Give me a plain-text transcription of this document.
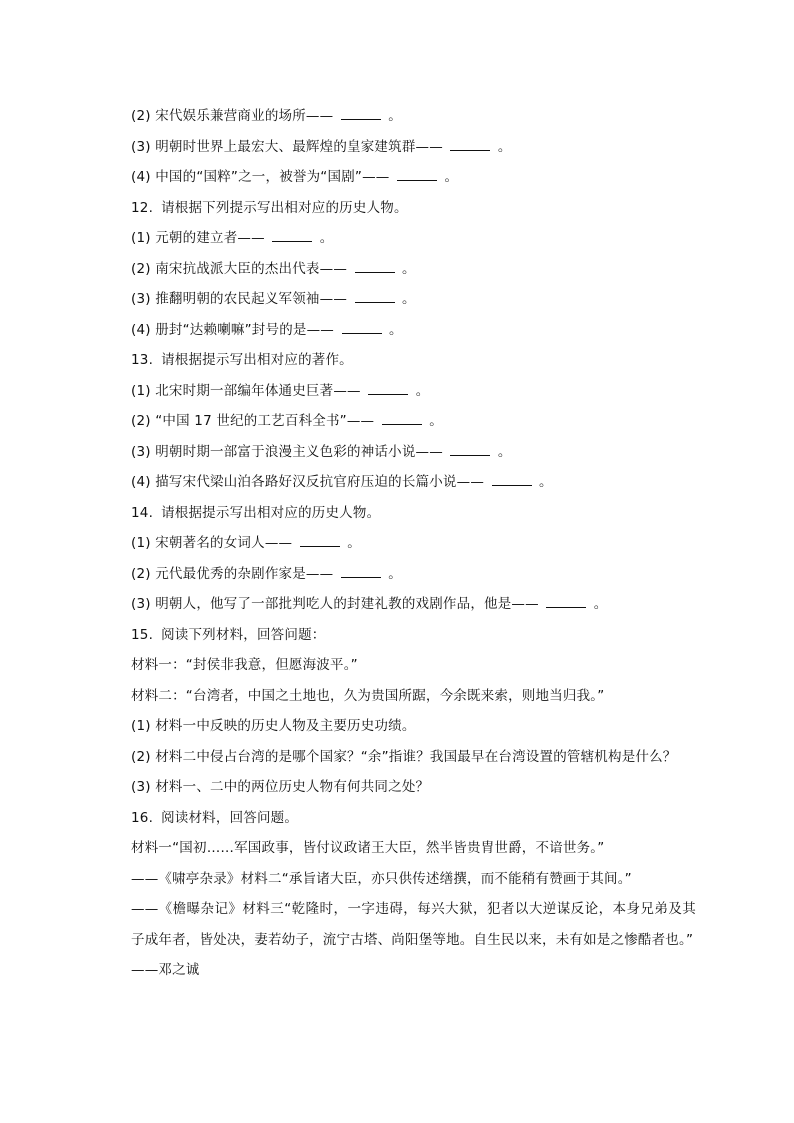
(2) 宋代娱乐兼营商业的场所——	。
(3) 明朝时世界上最宏大、最辉煌的皇家建筑群——	。
(4) 中国的“国粹”之一，被誉为“国剧”——	。
12. 请根据下列提示写出相对应的历史人物。
(1) 元朝的建立者——	。
(2) 南宋抗战派大臣的杰出代表——	。
(3) 推翻明朝的农民起义军领袖——	。
(4) 册封“达赖喇嘛”封号的是——	。
13. 请根据提示写出相对应的著作。
(1) 北宋时期一部编年体通史巨著——	。
(2) “中国 17 世纪的工艺百科全书”——	。
(3) 明朝时期一部富于浪漫主义色彩的神话小说——	。
(4) 描写宋代梁山泊各路好汉反抗官府压迫的长篇小说——	。
14. 请根据提示写出相对应的历史人物。
(1) 宋朝著名的女词人——	。
(2) 元代最优秀的杂剧作家是——	。
(3) 明朝人，他写了一部批判吃人的封建礼教的戏剧作品，他是——	。
15. 阅读下列材料，回答问题：
材料一：“封侯非我意，但愿海波平。”
材料二：“台湾者，中国之土地也，久为贵国所踞，今余既来索，则地当归我。”
(1) 材料一中反映的历史人物及主要历史功绩。
(2) 材料二中侵占台湾的是哪个国家？“余”指谁？我国最早在台湾设置的管辖机构是什么？
(3) 材料一、二中的两位历史人物有何共同之处？
16. 阅读材料，回答问题。
材料一“国初……军国政事，皆付议政诸王大臣，然半皆贵胄世爵，不谙世务。”
——《啸亭杂录》材料二“承旨诸大臣，亦只供传述缮撰，而不能稍有赞画于其间。”
——《檐曝杂记》材料三“乾隆时，一字违碍，每兴大狱，犯者以大逆谋反论，本身兄弟及其子成年者，皆处决，妻若幼子，流宁古塔、尚阳堡等地。自生民以来，未有如是之惨酷者也。”
——邓之诚
